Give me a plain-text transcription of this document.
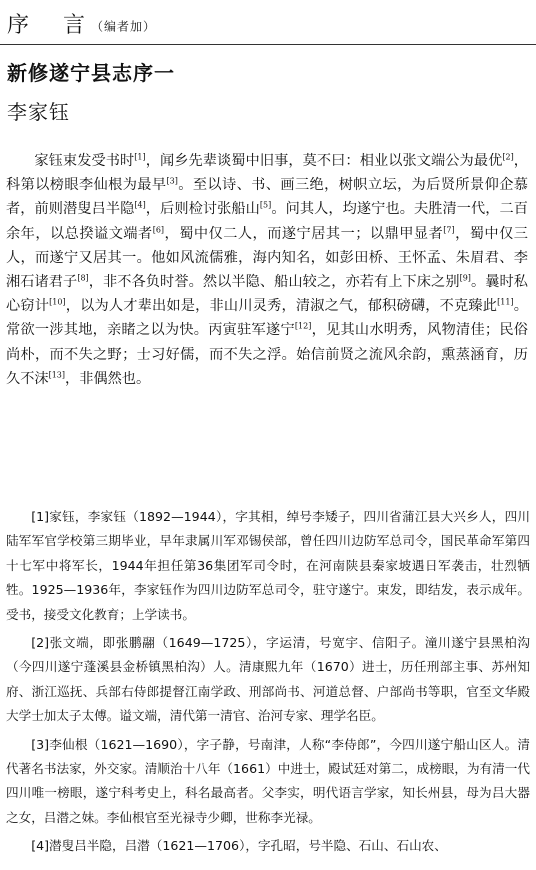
序　言（编者加）
新修遂宁县志序一
李家钰

家钰束发受书时[1]，闻乡先辈谈蜀中旧事，莫不曰：相业以张文端公为最优[2]，科第以榜眼李仙根为最早[3]。至以诗、书、画三绝，树帜立坛，为后贤所景仰企慕者，前则潜叟吕半隐[4]，后则检讨张船山[5]。问其人，均遂宁也。夫胜清一代，二百余年，以总揆谥文端者[6]，蜀中仅二人，而遂宁居其一；以鼎甲显者[7]，蜀中仅三人，而遂宁又居其一。他如风流儒雅，海内知名，如彭田桥、王怀孟、朱眉君、李湘石诸君子[8]，非不各负时誉。然以半隐、船山较之，亦若有上下床之别[9]。曩时私心窃计[10]，以为人才辈出如是，非山川灵秀，清淑之气，郁积磅礴，不克臻此[11]。常欲一涉其地，亲睹之以为快。丙寅驻军遂宁[12]，见其山水明秀，风物清佳；民俗尚朴，而不失之野；士习好儒，而不失之浮。始信前贤之流风余韵，熏蒸涵育，历久不沫[13]，非偶然也。

[1]家钰，李家钰（1892—1944），字其相，绰号李矮子，四川省蒲江县大兴乡人，四川陆军军官学校第三期毕业，早年隶属川军邓锡侯部，曾任四川边防军总司令，国民革命军第四十七军中将军长，1944年担任第36集团军司令时，在河南陕县秦家坡遇日军袭击，壮烈牺牲。1925—1936年，李家钰作为四川边防军总司令，驻守遂宁。束发，即结发，表示成年。受书，接受文化教育；上学读书。

[2]张文端，即张鹏翮（1649—1725），字运清，号宽宇、信阳子。潼川遂宁县黑柏沟（今四川遂宁蓬溪县金桥镇黑柏沟）人。清康熙九年（1670）进士，历任刑部主事、苏州知府、浙江巡抚、兵部右侍郎提督江南学政、刑部尚书、河道总督、户部尚书等职，官至文华殿大学士加太子太傅。谥文端，清代第一清官、治河专家、理学名臣。

[3]李仙根（1621—1690），字子静，号南津，人称“李侍郎”，今四川遂宁船山区人。清代著名书法家，外交家。清顺治十八年（1661）中进士，殿试廷对第二，成榜眼，为有清一代四川唯一榜眼，遂宁科考史上，科名最高者。父李实，明代语言学家，知长州县，母为吕大器之女，吕潜之妹。李仙根官至光禄寺少卿，世称李光禄。

[4]潜叟吕半隐，吕潜（1621—1706），字孔昭，号半隐、石山、石山农、
